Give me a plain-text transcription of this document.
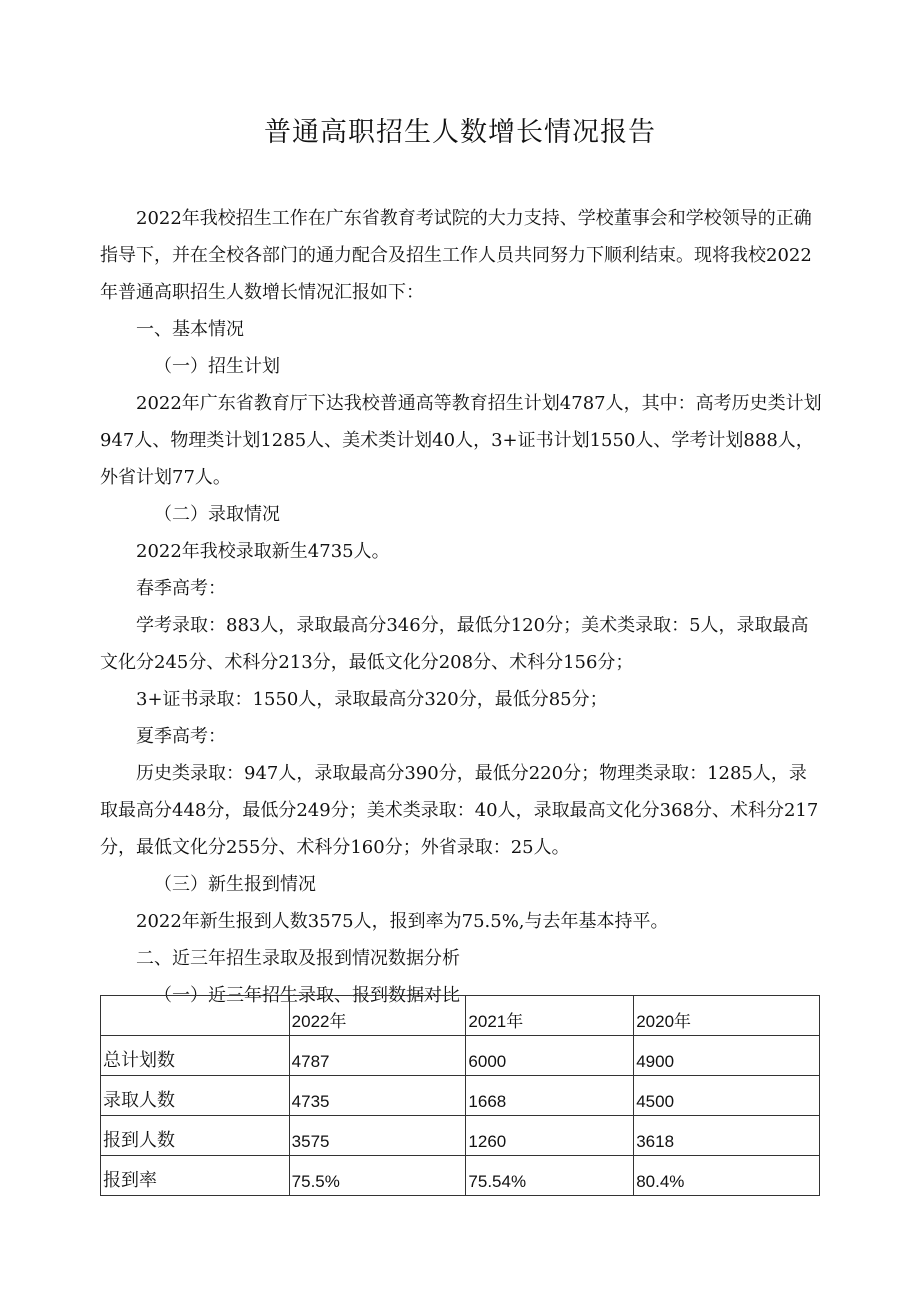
普通高职招生人数增长情况报告

2022年我校招生工作在广东省教育考试院的大力支持、学校董事会和学校领导的正确指导下，并在全校各部门的通力配合及招生工作人员共同努力下顺利结束。现将我校2022年普通高职招生人数增长情况汇报如下：

一、基本情况

（一）招生计划

2022年广东省教育厅下达我校普通高等教育招生计划4787人，其中：高考历史类计划947人、物理类计划1285人、美术类计划40人，3+证书计划1550人、学考计划888人，外省计划77人。

（二）录取情况

2022年我校录取新生4735人。

春季高考：

学考录取：883人，录取最高分346分，最低分120分；美术类录取：5人，录取最高文化分245分、术科分213分，最低文化分208分、术科分156分；

3+证书录取：1550人，录取最高分320分，最低分85分；

夏季高考：

历史类录取：947人，录取最高分390分，最低分220分；物理类录取：1285人，录取最高分448分，最低分249分；美术类录取：40人，录取最高文化分368分、术科分217分，最低文化分255分、术科分160分；外省录取：25人。

（三）新生报到情况

2022年新生报到人数3575人，报到率为75.5%,与去年基本持平。

二、近三年招生录取及报到情况数据分析

（一）近三年招生录取、报到数据对比

	2022年	2021年	2020年
总计划数	4787	6000	4900
录取人数	4735	1668	4500
报到人数	3575	1260	3618
报到率	75.5%	75.54%	80.4%
